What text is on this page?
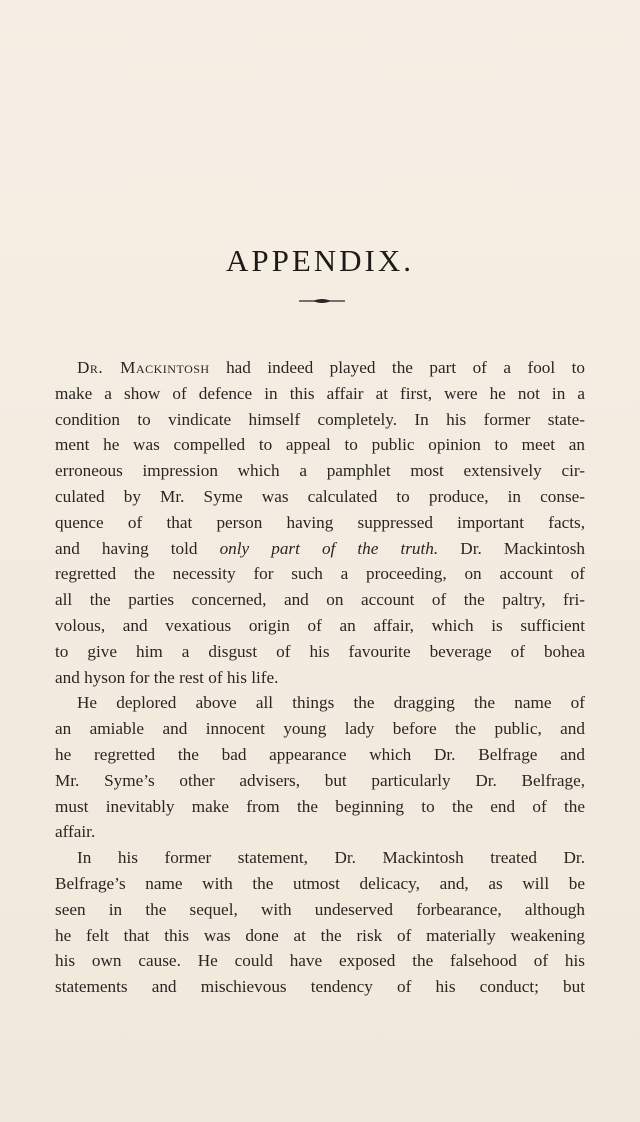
APPENDIX.
Dr. Mackintosh had indeed played the part of a fool to
make a show of defence in this affair at first, were he not in a
condition to vindicate himself completely. In his former state-
ment he was compelled to appeal to public opinion to meet an
erroneous impression which a pamphlet most extensively cir-
culated by Mr. Syme was calculated to produce, in conse-
quence of that person having suppressed important facts,
and having told only part of the truth. Dr. Mackintosh
regretted the necessity for such a proceeding, on account of
all the parties concerned, and on account of the paltry, fri-
volous, and vexatious origin of an affair, which is sufficient
to give him a disgust of his favourite beverage of bohea
and hyson for the rest of his life.
He deplored above all things the dragging the name of
an amiable and innocent young lady before the public, and
he regretted the bad appearance which Dr. Belfrage and
Mr. Syme’s other advisers, but particularly Dr. Belfrage,
must inevitably make from the beginning to the end of the
affair.
In his former statement, Dr. Mackintosh treated Dr.
Belfrage’s name with the utmost delicacy, and, as will be
seen in the sequel, with undeserved forbearance, although
he felt that this was done at the risk of materially weakening
his own cause. He could have exposed the falsehood of his
statements and mischievous tendency of his conduct; but
